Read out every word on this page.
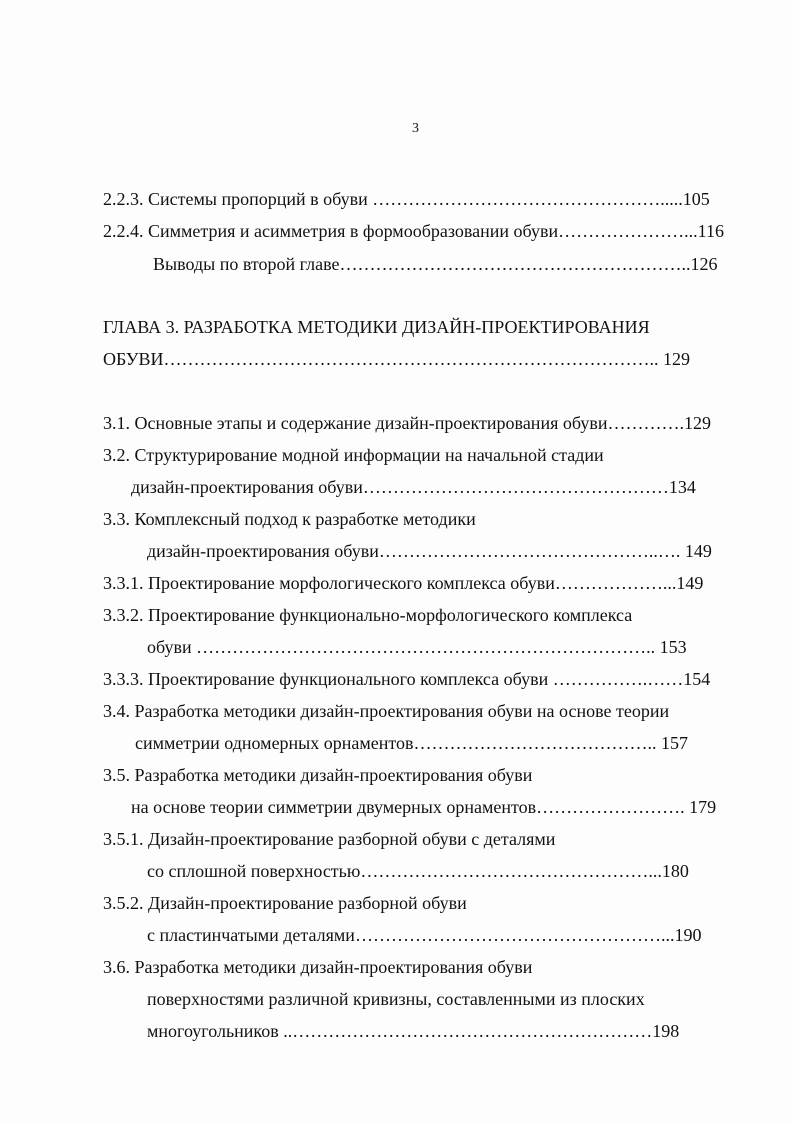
3
2.2.3. Системы пропорций в обуви ………………………………………….....105
2.2.4. Симметрия и асимметрия в формообразовании обуви…………………...116
Выводы по второй главе…………………………………………………..126
ГЛАВА 3. РАЗРАБОТКА МЕТОДИКИ ДИЗАЙН-ПРОЕКТИРОВАНИЯ
ОБУВИ……………………………………………………………………….. 129
3.1. Основные этапы и содержание дизайн-проектирования обуви………….129
3.2. Структурирование модной информации на начальной стадии
дизайн-проектирования обуви……………………………………………134
3.3. Комплексный подход к разработке методики
дизайн-проектирования обуви………………………………………..…. 149
3.3.1. Проектирование морфологического комплекса обуви………………...149
3.3.2. Проектирование функционально-морфологического комплекса
обуви ………………………………………………………………….. 153
3.3.3. Проектирование функционального комплекса обуви …………….……154
3.4. Разработка методики дизайн-проектирования обуви на основе теории
симметрии одномерных орнаментов………………………………….. 157
3.5. Разработка методики дизайн-проектирования обуви
на основе теории симметрии двумерных орнаментов……………………. 179
3.5.1. Дизайн-проектирование разборной обуви с деталями
со сплошной поверхностью…………………………………………...180
3.5.2. Дизайн-проектирование разборной обуви
с пластинчатыми деталями……………………………………………...190
3.6. Разработка методики дизайн-проектирования обуви
поверхностями различной кривизны, составленными из плоских
многоугольников ..……………………………………………………198
